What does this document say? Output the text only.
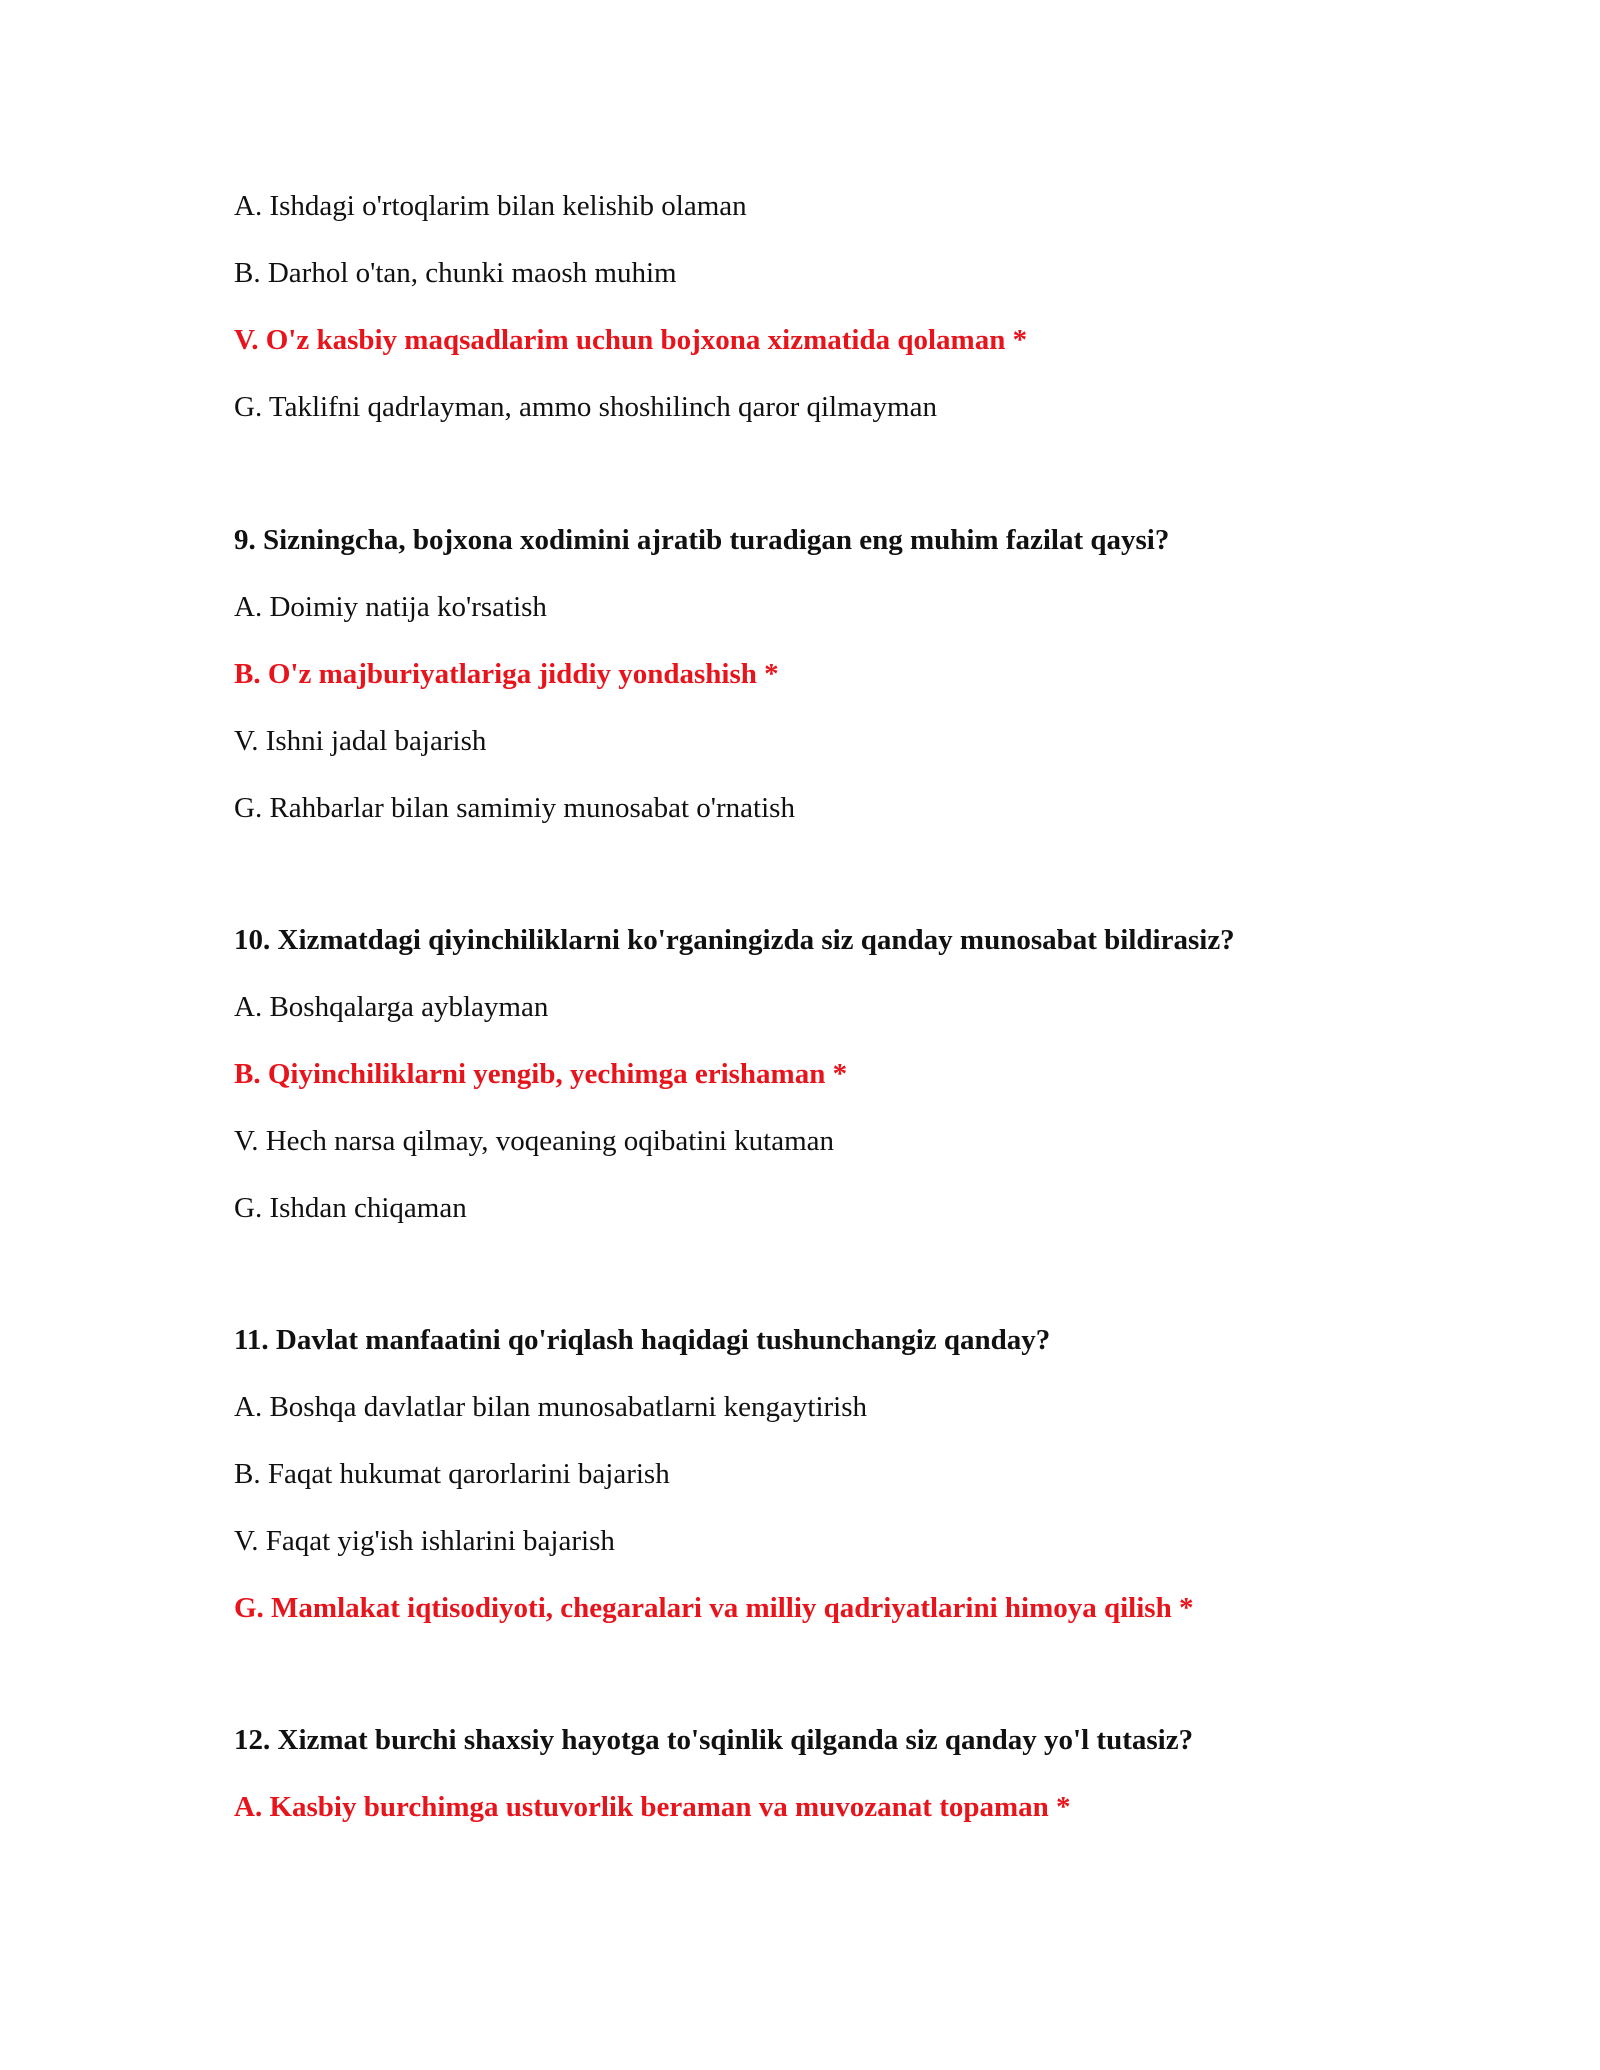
A. Ishdagi o'rtoqlarim bilan kelishib olaman
B. Darhol o'tan, chunki maosh muhim
V. O'z kasbiy maqsadlarim uchun bojxona xizmatida qolaman *
G. Taklifni qadrlayman, ammo shoshilinch qaror qilmayman
9. Sizningcha, bojxona xodimini ajratib turadigan eng muhim fazilat qaysi?
A. Doimiy natija ko'rsatish
B. O'z majburiyatlariga jiddiy yondashish *
V. Ishni jadal bajarish
G. Rahbarlar bilan samimiy munosabat o'rnatish
10. Xizmatdagi qiyinchiliklarni ko'rganingizda siz qanday munosabat bildirasiz?
A. Boshqalarga ayblayman
B. Qiyinchiliklarni yengib, yechimga erishaman *
V. Hech narsa qilmay, voqeaning oqibatini kutaman
G. Ishdan chiqaman
11. Davlat manfaatini qo'riqlash haqidagi tushunchangiz qanday?
A. Boshqa davlatlar bilan munosabatlarni kengaytirish
B. Faqat hukumat qarorlarini bajarish
V. Faqat yig'ish ishlarini bajarish
G. Mamlakat iqtisodiyoti, chegaralari va milliy qadriyatlarini himoya qilish *
12. Xizmat burchi shaxsiy hayotga to'sqinlik qilganda siz qanday yo'l tutasiz?
A. Kasbiy burchimga ustuvorlik beraman va muvozanat topaman *
